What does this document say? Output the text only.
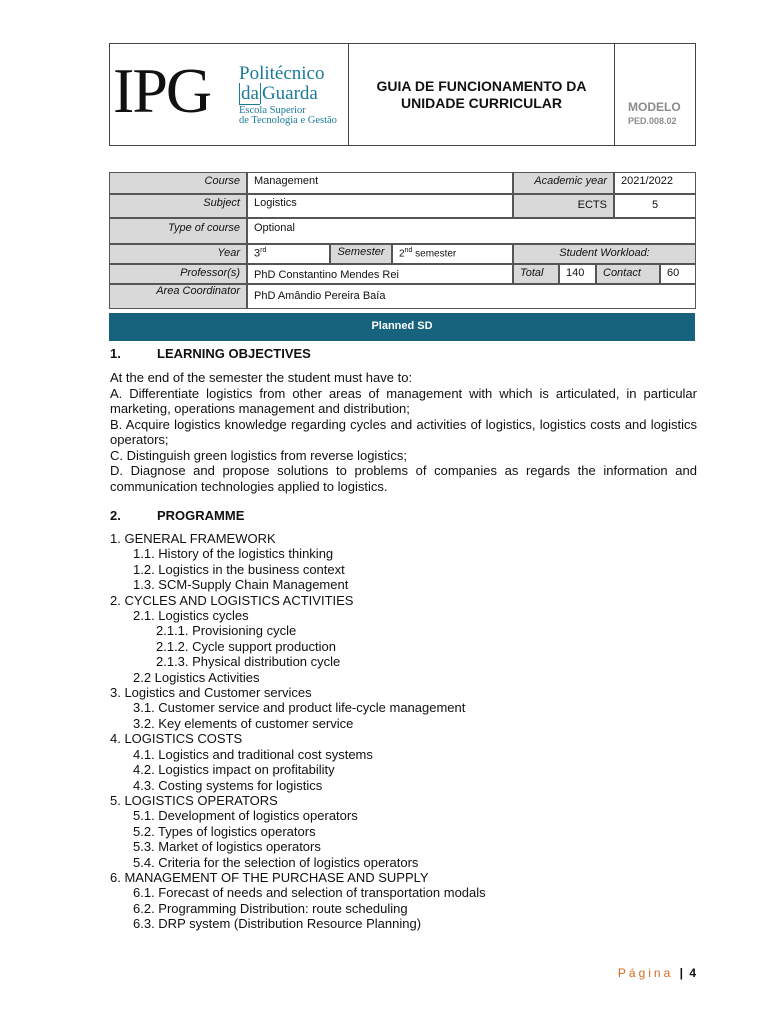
IPG Politécnico
da Guarda
Escola Superior
de Tecnologia e Gestão
GUIA DE FUNCIONAMENTO DA
UNIDADE CURRICULAR	MODELO
PED.008.02
Course	Management	Academic year	2021/2022
Subject	Logistics	ECTS	5
Type of course	Optional
Year	3rd	Semester	2nd semester	Student Workload:
Professor(s)	PhD Constantino Mendes Rei	Total	140	Contact	60
Area Coordinator	PhD Amândio Pereira Baía
Planned SD
1.	LEARNING OBJECTIVES
At the end of the semester the student must have to:
A. Differentiate logistics from other areas of management with which is articulated, in particular marketing, operations management and distribution;
B. Acquire logistics knowledge regarding cycles and activities of logistics, logistics costs and logistics operators;
C. Distinguish green logistics from reverse logistics;
D. Diagnose and propose solutions to problems of companies as regards the information and communication technologies applied to logistics.
2.	PROGRAMME
1. GENERAL FRAMEWORK
1.1. History of the logistics thinking
1.2. Logistics in the business context
1.3. SCM-Supply Chain Management
2. CYCLES AND LOGISTICS ACTIVITIES
2.1. Logistics cycles
2.1.1. Provisioning cycle
2.1.2. Cycle support production
2.1.3. Physical distribution cycle
2.2 Logistics Activities
3. Logistics and Customer services
3.1. Customer service and product life-cycle management
3.2. Key elements of customer service
4. LOGISTICS COSTS
4.1. Logistics and traditional cost systems
4.2. Logistics impact on profitability
4.3. Costing systems for logistics
5. LOGISTICS OPERATORS
5.1. Development of logistics operators
5.2. Types of logistics operators
5.3. Market of logistics operators
5.4. Criteria for the selection of logistics operators
6. MANAGEMENT OF THE PURCHASE AND SUPPLY
6.1. Forecast of needs and selection of transportation modals
6.2. Programming Distribution: route scheduling
6.3. DRP system (Distribution Resource Planning)
Página | 4
